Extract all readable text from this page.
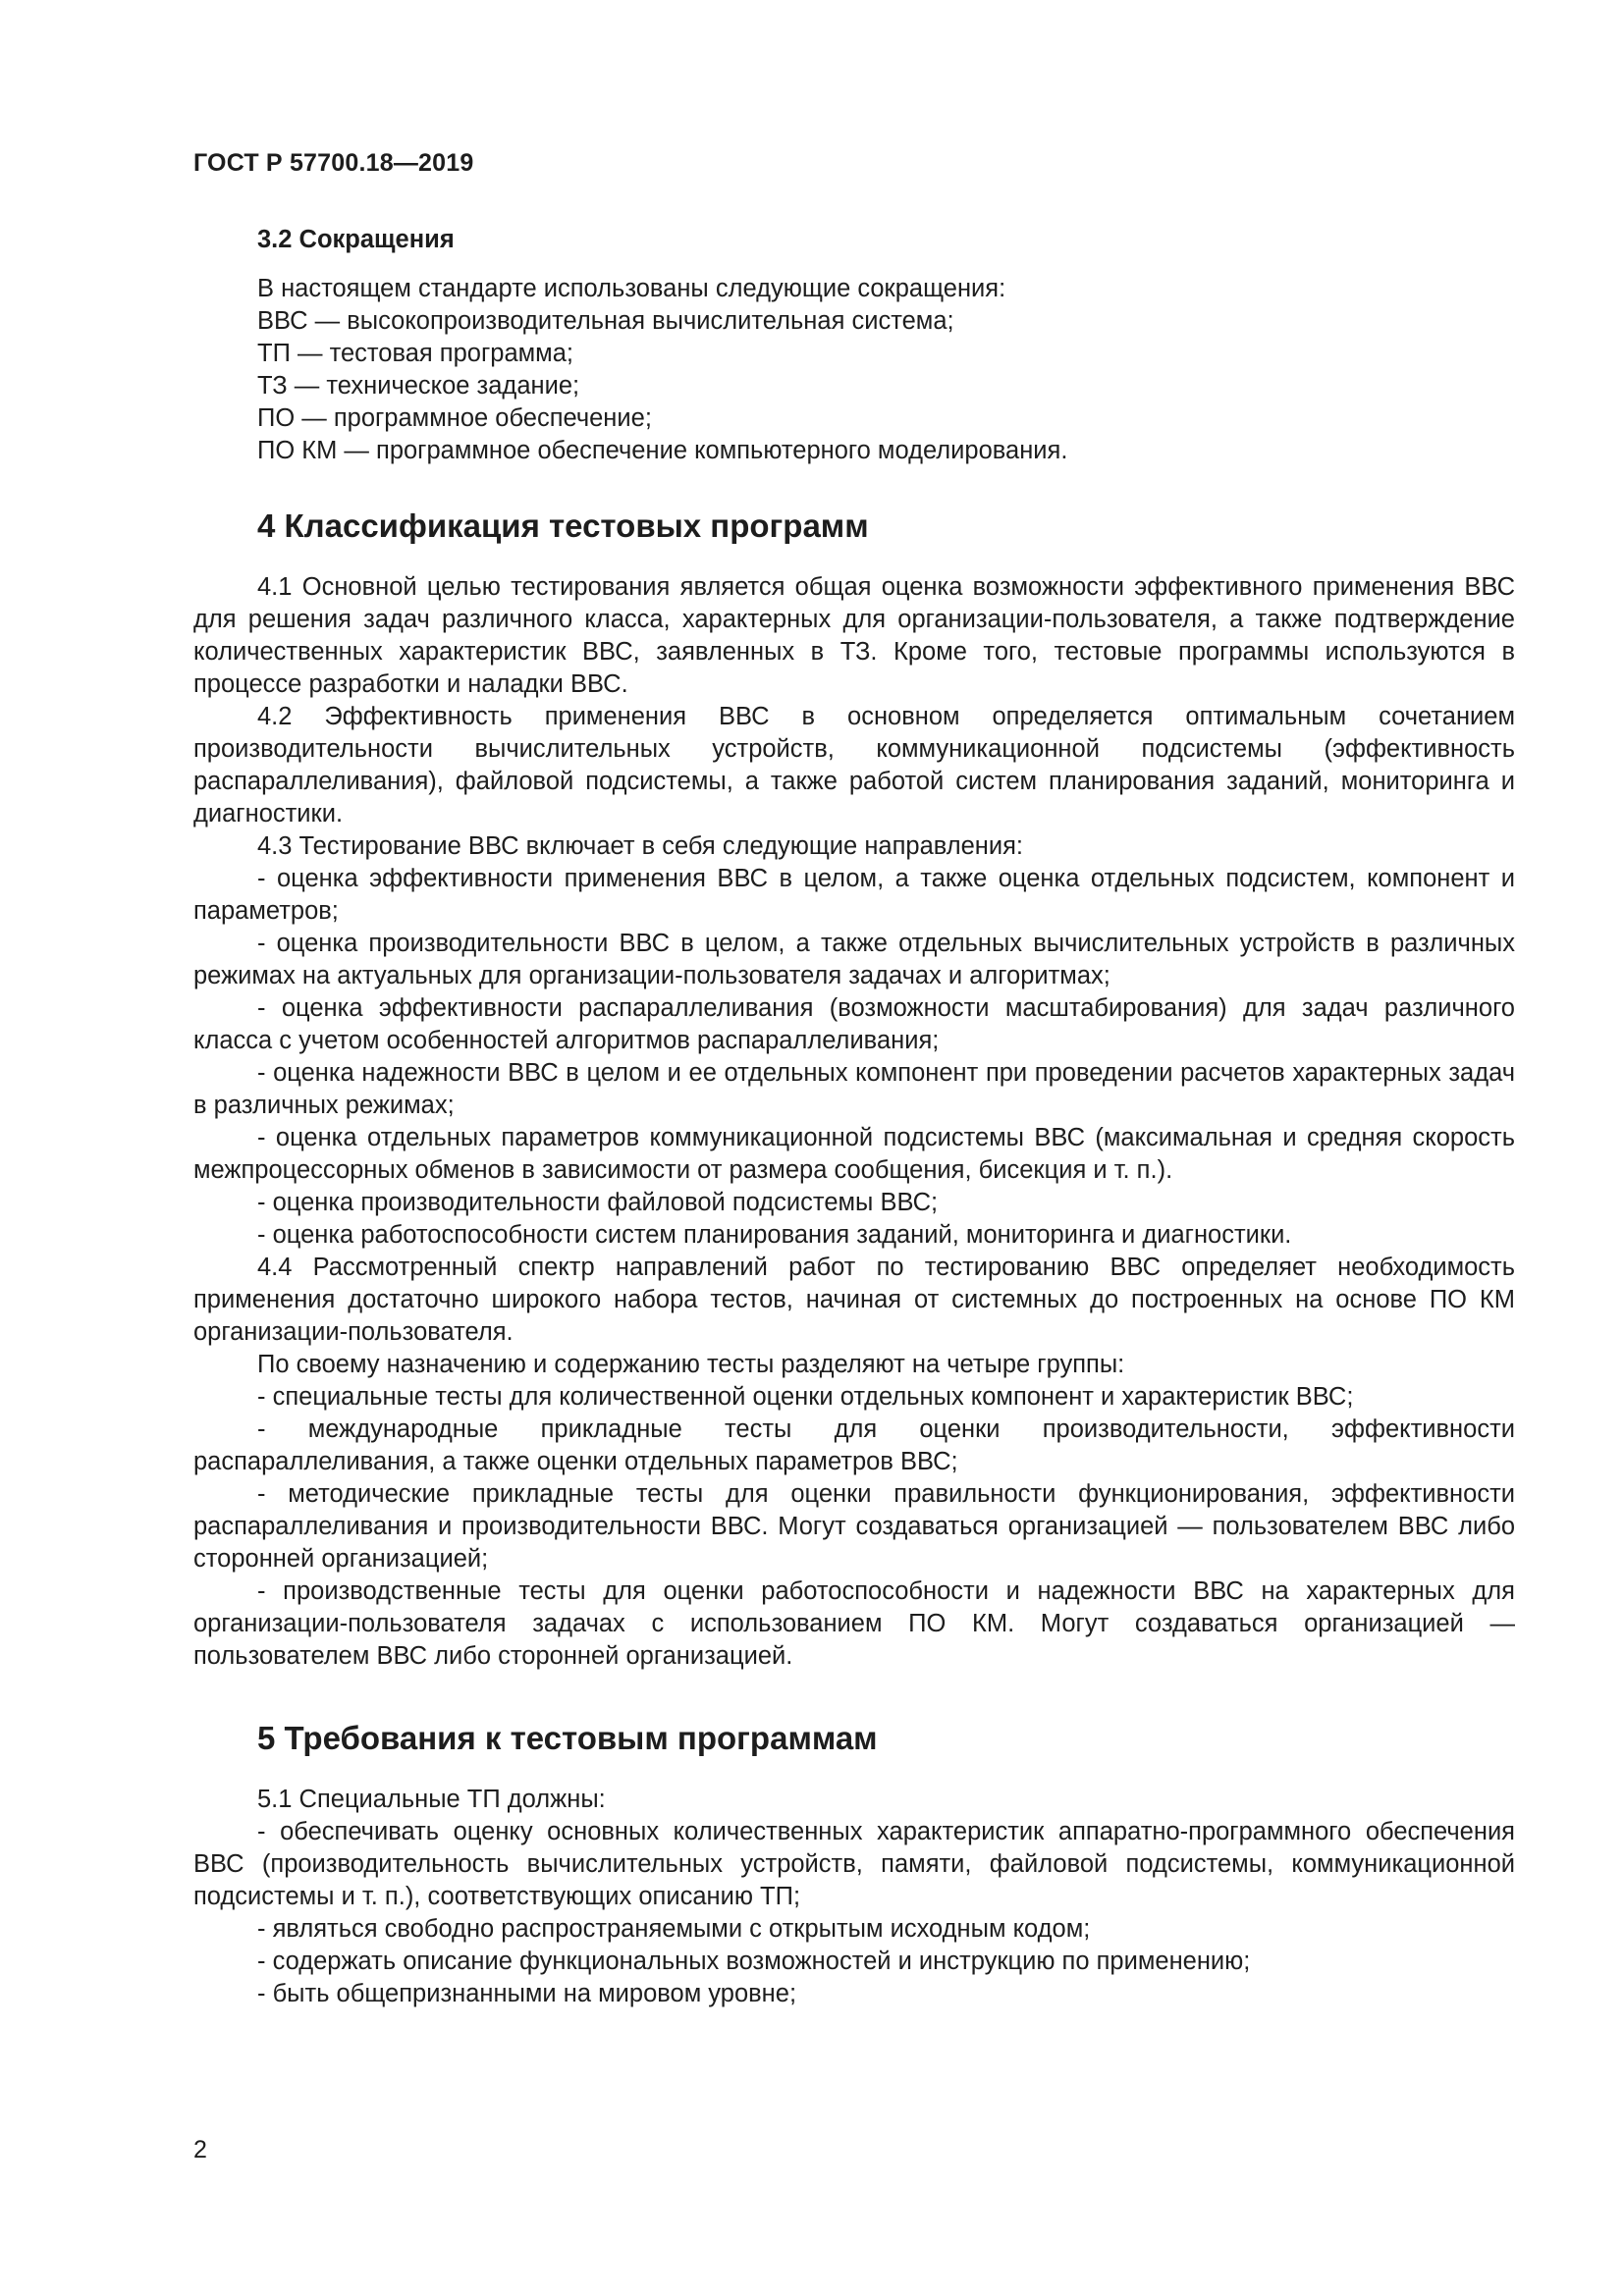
ГОСТ Р 57700.18—2019
3.2 Сокращения
В настоящем стандарте использованы следующие сокращения:
ВВС — высокопроизводительная вычислительная система;
ТП — тестовая программа;
ТЗ — техническое задание;
ПО — программное обеспечение;
ПО КМ — программное обеспечение компьютерного моделирования.
4 Классификация тестовых программ

4.1 Основной целью тестирования является общая оценка возможности эффективного применения ВВС для решения задач различного класса, характерных для организации-пользователя, а также подтверждение количественных характеристик ВВС, заявленных в ТЗ. Кроме того, тестовые программы используются в процессе разработки и наладки ВВС.

4.2 Эффективность применения ВВС в основном определяется оптимальным сочетанием производительности вычислительных устройств, коммуникационной подсистемы (эффективность распараллеливания), файловой подсистемы, а также работой систем планирования заданий, мониторинга и диагностики.

4.3 Тестирование ВВС включает в себя следующие направления:

- оценка эффективности применения ВВС в целом, а также оценка отдельных подсистем, компонент и параметров;

- оценка производительности ВВС в целом, а также отдельных вычислительных устройств в различных режимах на актуальных для организации-пользователя задачах и алгоритмах;

- оценка эффективности распараллеливания (возможности масштабирования) для задач различного класса с учетом особенностей алгоритмов распараллеливания;

- оценка надежности ВВС в целом и ее отдельных компонент при проведении расчетов характерных задач в различных режимах;

- оценка отдельных параметров коммуникационной подсистемы ВВС (максимальная и средняя скорость межпроцессорных обменов в зависимости от размера сообщения, бисекция и т. п.).

- оценка производительности файловой подсистемы ВВС;

- оценка работоспособности систем планирования заданий, мониторинга и диагностики.

4.4 Рассмотренный спектр направлений работ по тестированию ВВС определяет необходимость применения достаточно широкого набора тестов, начиная от системных до построенных на основе ПО КМ организации-пользователя.

По своему назначению и содержанию тесты разделяют на четыре группы:

- специальные тесты для количественной оценки отдельных компонент и характеристик ВВС;

- международные прикладные тесты для оценки производительности, эффективности распараллеливания, а также оценки отдельных параметров ВВС;

- методические прикладные тесты для оценки правильности функционирования, эффективности распараллеливания и производительности ВВС. Могут создаваться организацией — пользователем ВВС либо сторонней организацией;

- производственные тесты для оценки работоспособности и надежности ВВС на характерных для организации-пользователя задачах с использованием ПО КМ. Могут создаваться организацией — пользователем ВВС либо сторонней организацией.

5 Требования к тестовым программам

5.1 Специальные ТП должны:

- обеспечивать оценку основных количественных характеристик аппаратно-программного обеспечения ВВС (производительность вычислительных устройств, памяти, файловой подсистемы, коммуникационной подсистемы и т. п.), соответствующих описанию ТП;

- являться свободно распространяемыми с открытым исходным кодом;

- содержать описание функциональных возможностей и инструкцию по применению;

- быть общепризнанными на мировом уровне;

2
